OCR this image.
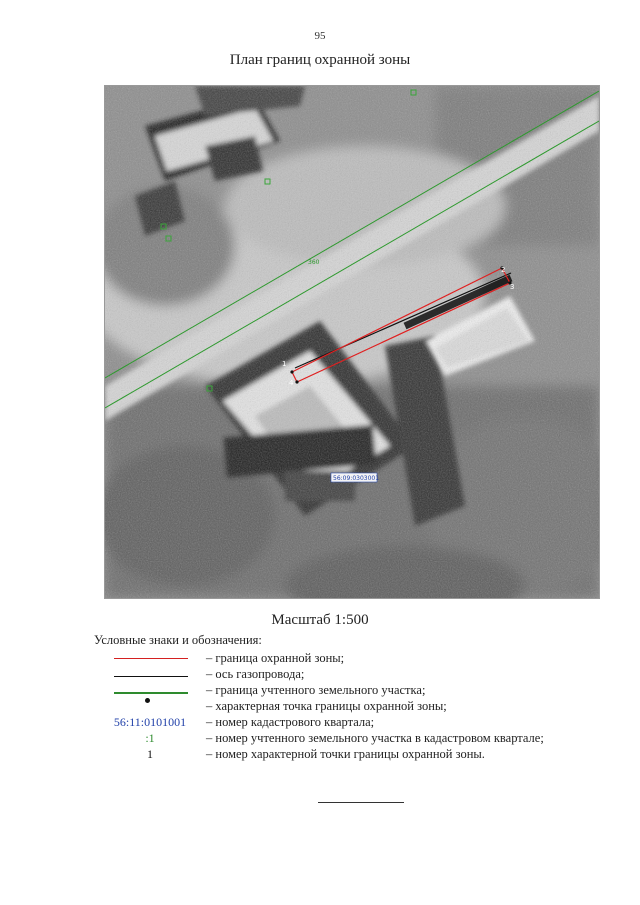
95
План границ охранной зоны
360
1
2
3
4
56:09:0303001
Масштаб 1:500
Условные знаки и обозначения:
– граница охранной зоны;
– ось газопровода;
– граница учтенного земельного участка;
– характерная точка границы охранной зоны;
56:11:0101001	– номер кадастрового квартала;
:1	– номер учтенного земельного участка в кадастровом квартале;
1	– номер характерной точки границы охранной зоны.
